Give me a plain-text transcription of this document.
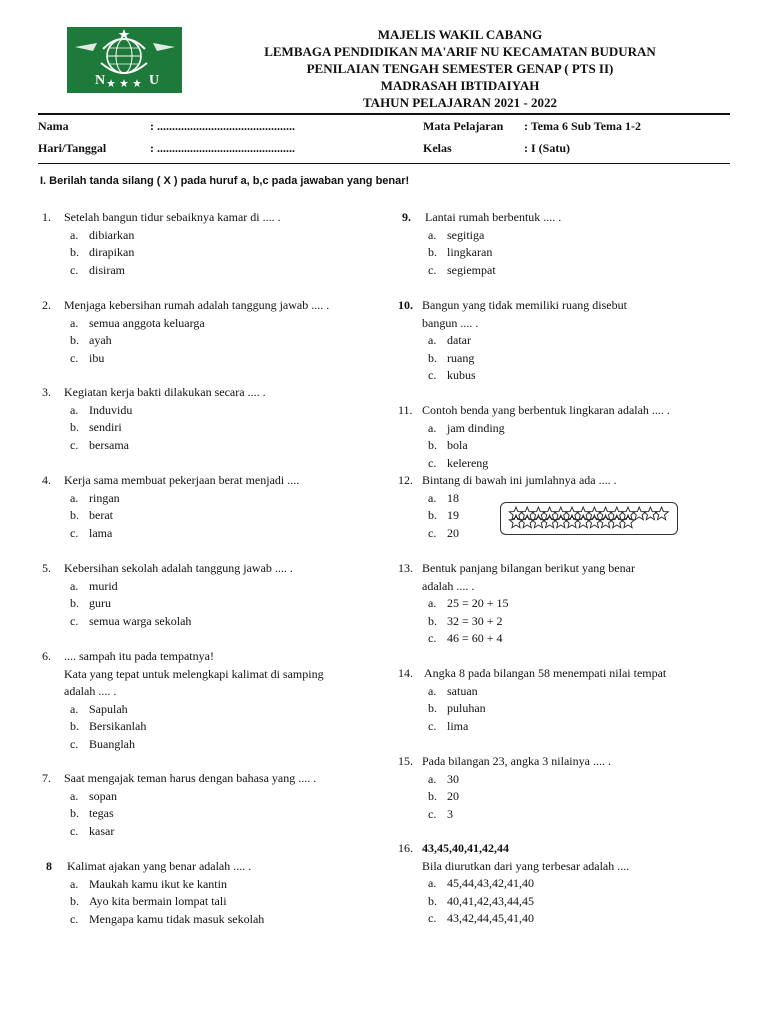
N	U
MAJELIS WAKIL CABANG
LEMBAGA PENDIDIKAN MA'ARIF NU KECAMATAN BUDURAN
PENILAIAN TENGAH SEMESTER GENAP ( PTS II)
MADRASAH IBTIDAIYAH
TAHUN PELAJARAN 2021 - 2022
Nama	: ..............................................
Hari/Tanggal	: ..............................................
Mata Pelajaran : Tema 6 Sub Tema 1-2
Kelas	: I (Satu)
I. Berilah tanda silang ( X ) pada huruf a, b,c pada jawaban yang benar!
1. Setelah bangun tidur sebaiknya kamar di .... .
a. dibiarkan
b. dirapikan
c. disiram
2. Menjaga kebersihan rumah adalah tanggung jawab .... .
a. semua anggota keluarga
b. ayah
c. ibu
3. Kegiatan kerja bakti dilakukan secara .... .
a. Induvidu
b. sendiri
c. bersama
4. Kerja sama membuat pekerjaan berat menjadi ....
a. ringan
b. berat
c. lama
5. Kebersihan sekolah adalah tanggung jawab .... .
a. murid
b. guru
c. semua warga sekolah
6. .... sampah itu pada tempatnya!
Kata yang tepat untuk melengkapi kalimat di samping
adalah .... .
a. Sapulah
b. Bersikanlah
c. Buanglah
7. Saat mengajak teman harus dengan bahasa yang .... .
a. sopan
b. tegas
c. kasar
8 Kalimat ajakan yang benar adalah .... .
a. Maukah kamu ikut ke kantin
b. Ayo kita bermain lompat tali
c. Mengapa kamu tidak masuk sekolah
9. Lantai rumah berbentuk .... .
a. segitiga
b. lingkaran
c. segiempat
10. Bangun yang tidak memiliki ruang disebut
bangun .... .
a. datar
b. ruang
c. kubus
11. Contoh benda yang berbentuk lingkaran adalah .... .
a. jam dinding
b. bola
c. kelereng
12. Bintang di bawah ini jumlahnya ada .... .
a. 18
b. 19
c. 20
13. Bentuk panjang bilangan berikut yang benar
adalah .... .
a. 25 = 20 + 15
b. 32 = 30 + 2
c. 46 = 60 + 4
14. Angka 8 pada bilangan 58 menempati nilai tempat
a. satuan
b. puluhan
c. lima
15. Pada bilangan 23, angka 3 nilainya .... .
a. 30
b. 20
c. 3
16. 43,45,40,41,42,44
Bila diurutkan dari yang terbesar adalah ....
a. 45,44,43,42,41,40
b. 40,41,42,43,44,45
c. 43,42,44,45,41,40
